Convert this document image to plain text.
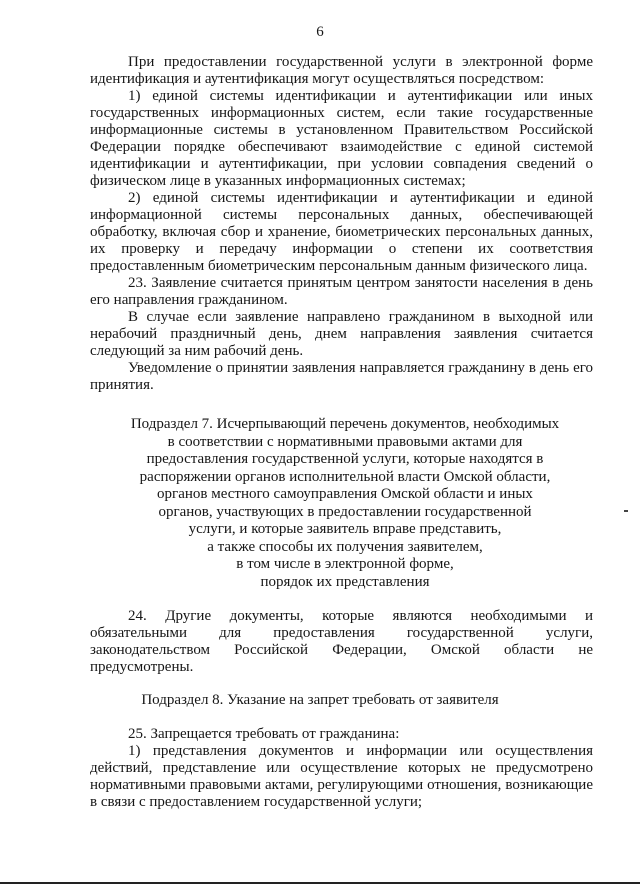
6

При предоставлении государственной услуги в электронной форме идентификация и аутентификация могут осуществляться посредством:

1) единой системы идентификации и аутентификации или иных государственных информационных систем, если такие государственные информационные системы в установленном Правительством Российской Федерации порядке обеспечивают взаимодействие с единой системой идентификации и аутентификации, при условии совпадения сведений о физическом лице в указанных информационных системах;

2) единой системы идентификации и аутентификации и единой информационной системы персональных данных, обеспечивающей обработку, включая сбор и хранение, биометрических персональных данных, их проверку и передачу информации о степени их соответствия предоставленным биометрическим персональным данным физического лица.

23. Заявление считается принятым центром занятости населения в день его направления гражданином.

В случае если заявление направлено гражданином в выходной или нерабочий праздничный день, днем направления заявления считается следующий за ним рабочий день.

Уведомление о принятии заявления направляется гражданину в день его принятия.

Подраздел 7. Исчерпывающий перечень документов, необходимых
в соответствии с нормативными правовыми актами для
предоставления государственной услуги, которые находятся в
распоряжении органов исполнительной власти Омской области,
органов местного самоуправления Омской области и иных
органов, участвующих в предоставлении государственной
услуги, и которые заявитель вправе представить,
а также способы их получения заявителем,
в том числе в электронной форме,
порядок их представления

24. Другие документы, которые являются необходимыми и обязательными для предоставления государственной услуги, законодательством Российской Федерации, Омской области не предусмотрены.

Подраздел 8. Указание на запрет требовать от заявителя

25. Запрещается требовать от гражданина:

1) представления документов и информации или осуществления действий, представление или осуществление которых не предусмотрено нормативными правовыми актами, регулирующими отношения, возникающие в связи с предоставлением государственной услуги;
